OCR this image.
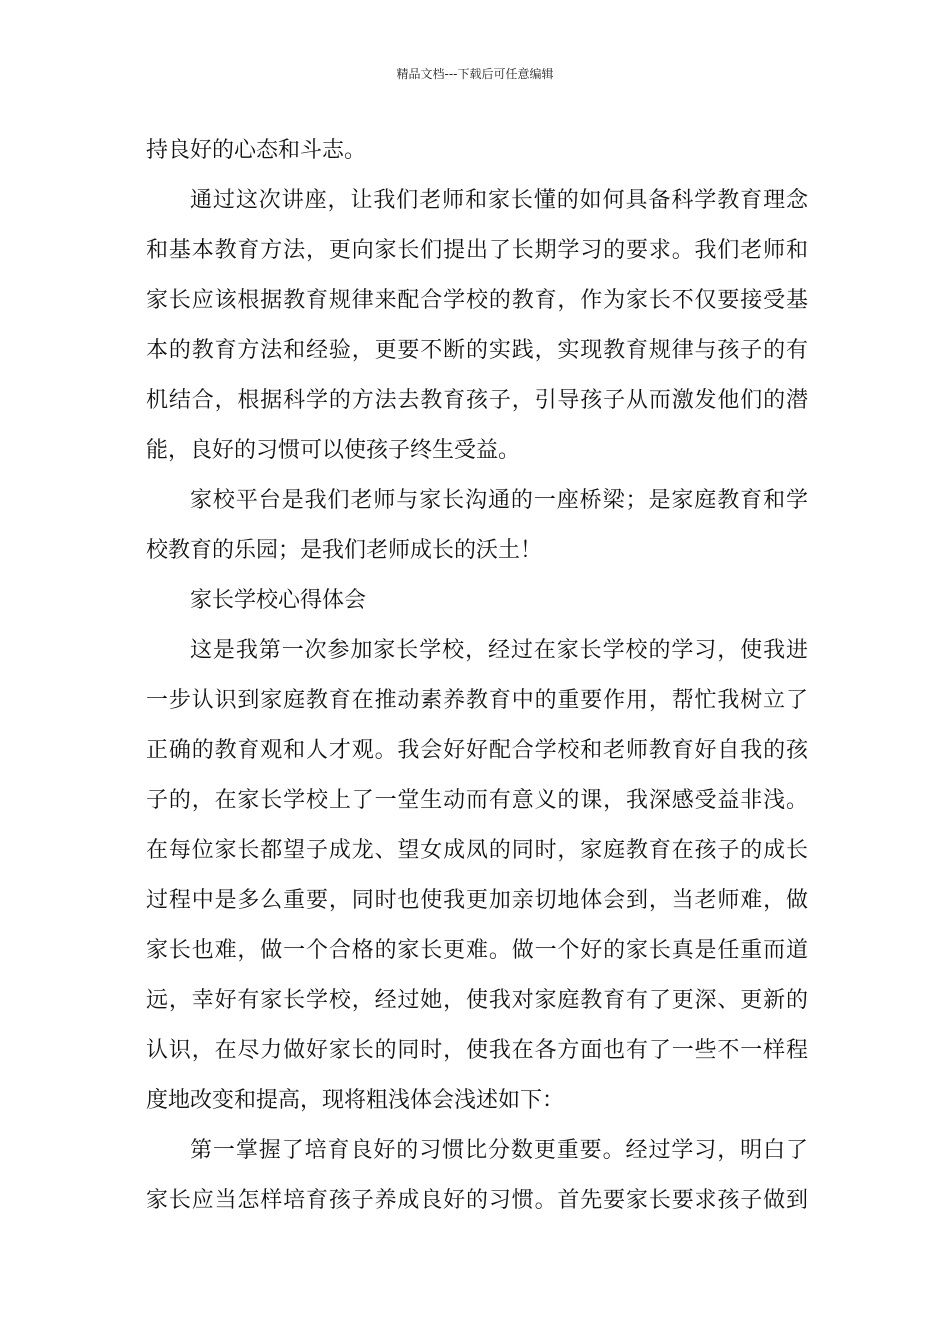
精品文档---下载后可任意编辑
持良好的心态和斗志。
通过这次讲座，让我们老师和家长懂的如何具备科学教育理念
和基本教育方法，更向家长们提出了长期学习的要求。我们老师和
家长应该根据教育规律来配合学校的教育，作为家长不仅要接受基
本的教育方法和经验，更要不断的实践，实现教育规律与孩子的有
机结合，根据科学的方法去教育孩子，引导孩子从而激发他们的潜
能，良好的习惯可以使孩子终生受益。
家校平台是我们老师与家长沟通的一座桥梁；是家庭教育和学
校教育的乐园；是我们老师成长的沃土！
家长学校心得体会
这是我第一次参加家长学校，经过在家长学校的学习，使我进
一步认识到家庭教育在推动素养教育中的重要作用，帮忙我树立了
正确的教育观和人才观。我会好好配合学校和老师教育好自我的孩
子的，在家长学校上了一堂生动而有意义的课，我深感受益非浅。
在每位家长都望子成龙、望女成凤的同时，家庭教育在孩子的成长
过程中是多么重要，同时也使我更加亲切地体会到，当老师难，做
家长也难，做一个合格的家长更难。做一个好的家长真是任重而道
远，幸好有家长学校，经过她，使我对家庭教育有了更深、更新的
认识，在尽力做好家长的同时，使我在各方面也有了一些不一样程
度地改变和提高，现将粗浅体会浅述如下：
第一掌握了培育良好的习惯比分数更重要。经过学习，明白了
家长应当怎样培育孩子养成良好的习惯。首先要家长要求孩子做到
